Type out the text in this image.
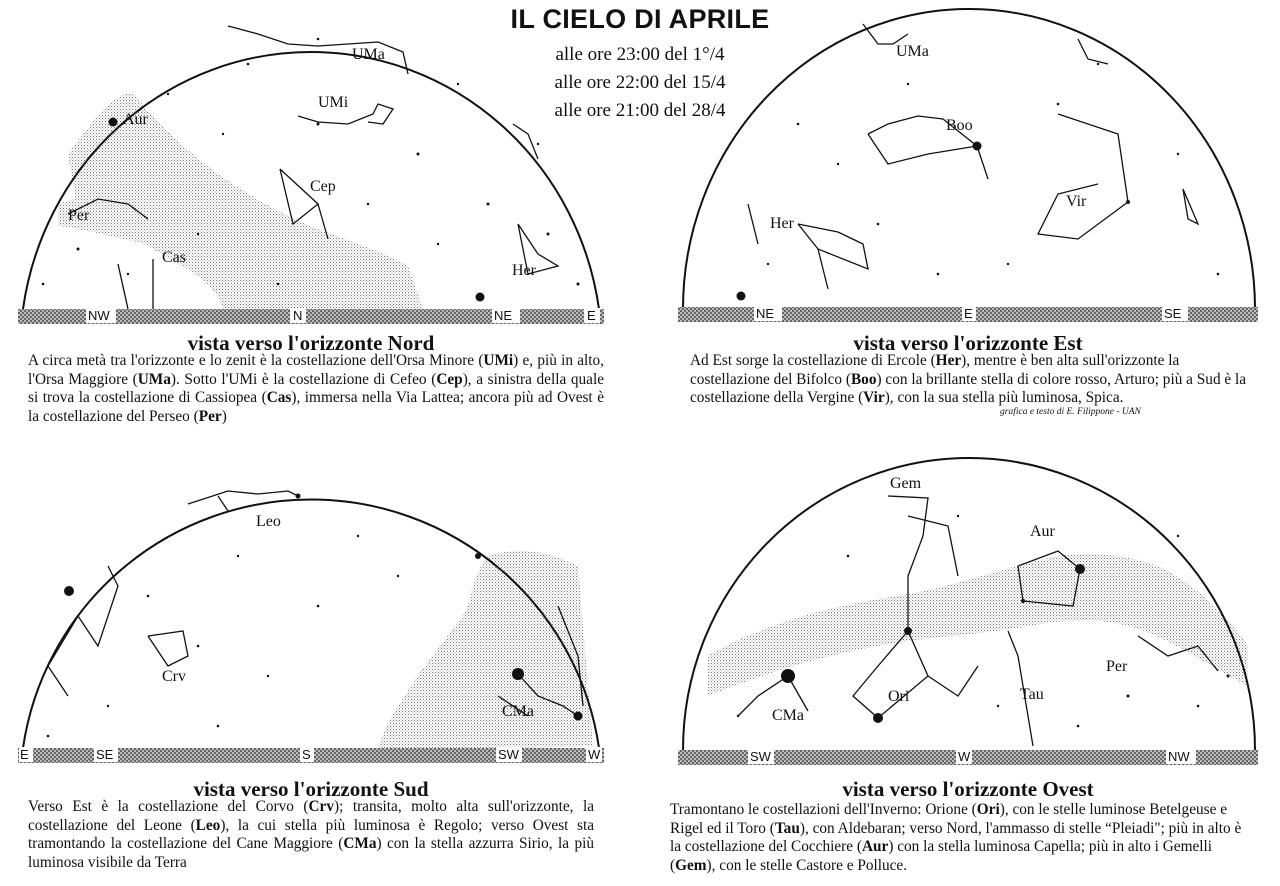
IL CIELO DI APRILE
alle ore 23:00 del 1°/4
alle ore 22:00 del 15/4
alle ore 21:00 del 28/4
UMa
UMi
Aur
Cep
Per
Cas
Her
NW	N	NE	E
vista verso l'orizzonte Nord
A circa metà tra l'orizzonte e lo zenit è la costellazione dell'Orsa Minore (UMi) e, più in alto, l'Orsa Maggiore (UMa). Sotto l'UMi è la costellazione di Cefeo (Cep), a sinistra della quale si trova la costellazione di Cassiopea (Cas), immersa nella Via Lattea; ancora più ad Ovest è la costellazione del Perseo (Per)
UMa
Boo
Vir
Her
NE	E	SE
vista verso l'orizzonte Est
Ad Est sorge la costellazione di Ercole (Her), mentre è ben alta sull'orizzonte la costellazione del Bifolco (Boo) con la brillante stella di colore rosso, Arturo; più a Sud è la costellazione della Vergine (Vir), con la sua stella più luminosa, Spica.
grafica e testo di E. Filippone - UAN
Leo
Crv
CMa
E	SE	S	SW	W
vista verso l'orizzonte Sud
Verso Est è la costellazione del Corvo (Crv); transita, molto alta sull'orizzonte, la costellazione del Leone (Leo), la cui stella più luminosa è Regolo; verso Ovest sta tramontando la costellazione del Cane Maggiore (CMa) con la stella azzurra Sirio, la più luminosa visibile da Terra
Gem
Aur
Per
Ori	Tau
CMa
SW	W	NW
vista verso l'orizzonte Ovest
Tramontano le costellazioni dell'Inverno: Orione (Ori), con le stelle luminose Betelgeuse e Rigel ed il Toro (Tau), con Aldebaran; verso Nord, l'ammasso di stelle “Pleiadi"; più in alto è la costellazione del Cocchiere (Aur) con la stella luminosa Capella; più in alto i Gemelli (Gem), con le stelle Castore e Polluce.
